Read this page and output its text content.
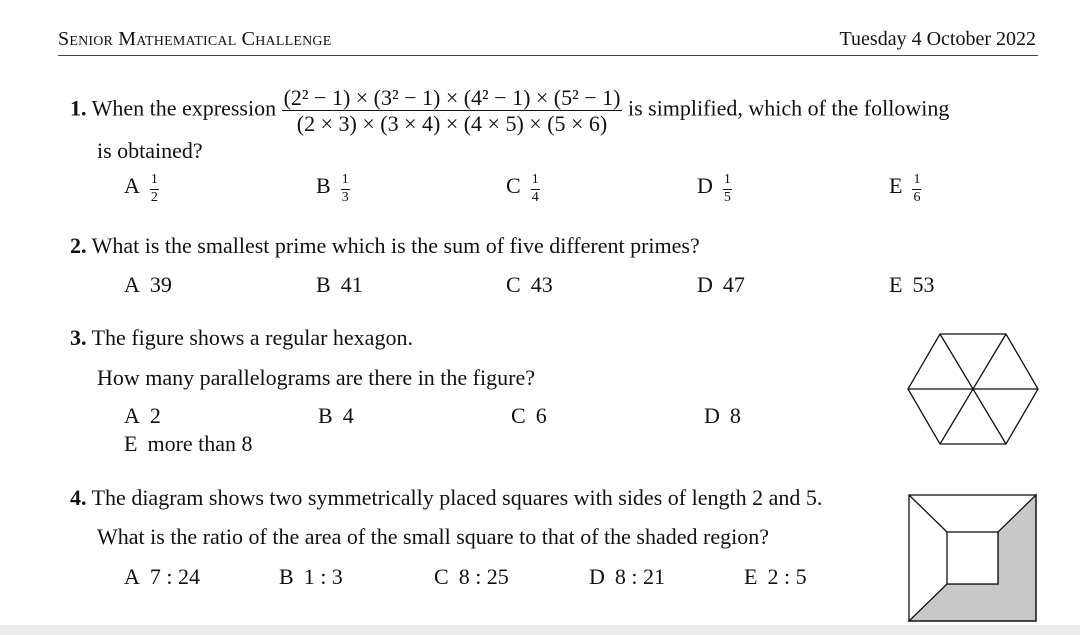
Senior Mathematical Challenge	Tuesday 4 October 2022
1. When the expression $\frac{\text{(2² − 1) × (3² − 1) × (4² − 1) × (5² − 1)}}{(2 \times 3) \times (3 \times 4) \times (4 \times 5) \times (5 \times 6)}$ is simplified, which of the following
is obtained?
A $\frac{1}{2}$	B $\frac{1}{3}$	C $\frac{1}{4}$	D $\frac{1}{5}$	E $\frac{1}{6}$
2. What is the smallest prime which is the sum of five different primes?
A 39	B 41	C 43	D 47	E 53
3. The figure shows a regular hexagon.
How many parallelograms are there in the figure?
A 2	B 4	C 6	D 8
E more than 8
4. The diagram shows two symmetrically placed squares with sides of length 2 and 5.
What is the ratio of the area of the small square to that of the shaded region?
A 7 : 24	B 1 : 3	C 8 : 25	D 8 : 21	E 2 : 5
